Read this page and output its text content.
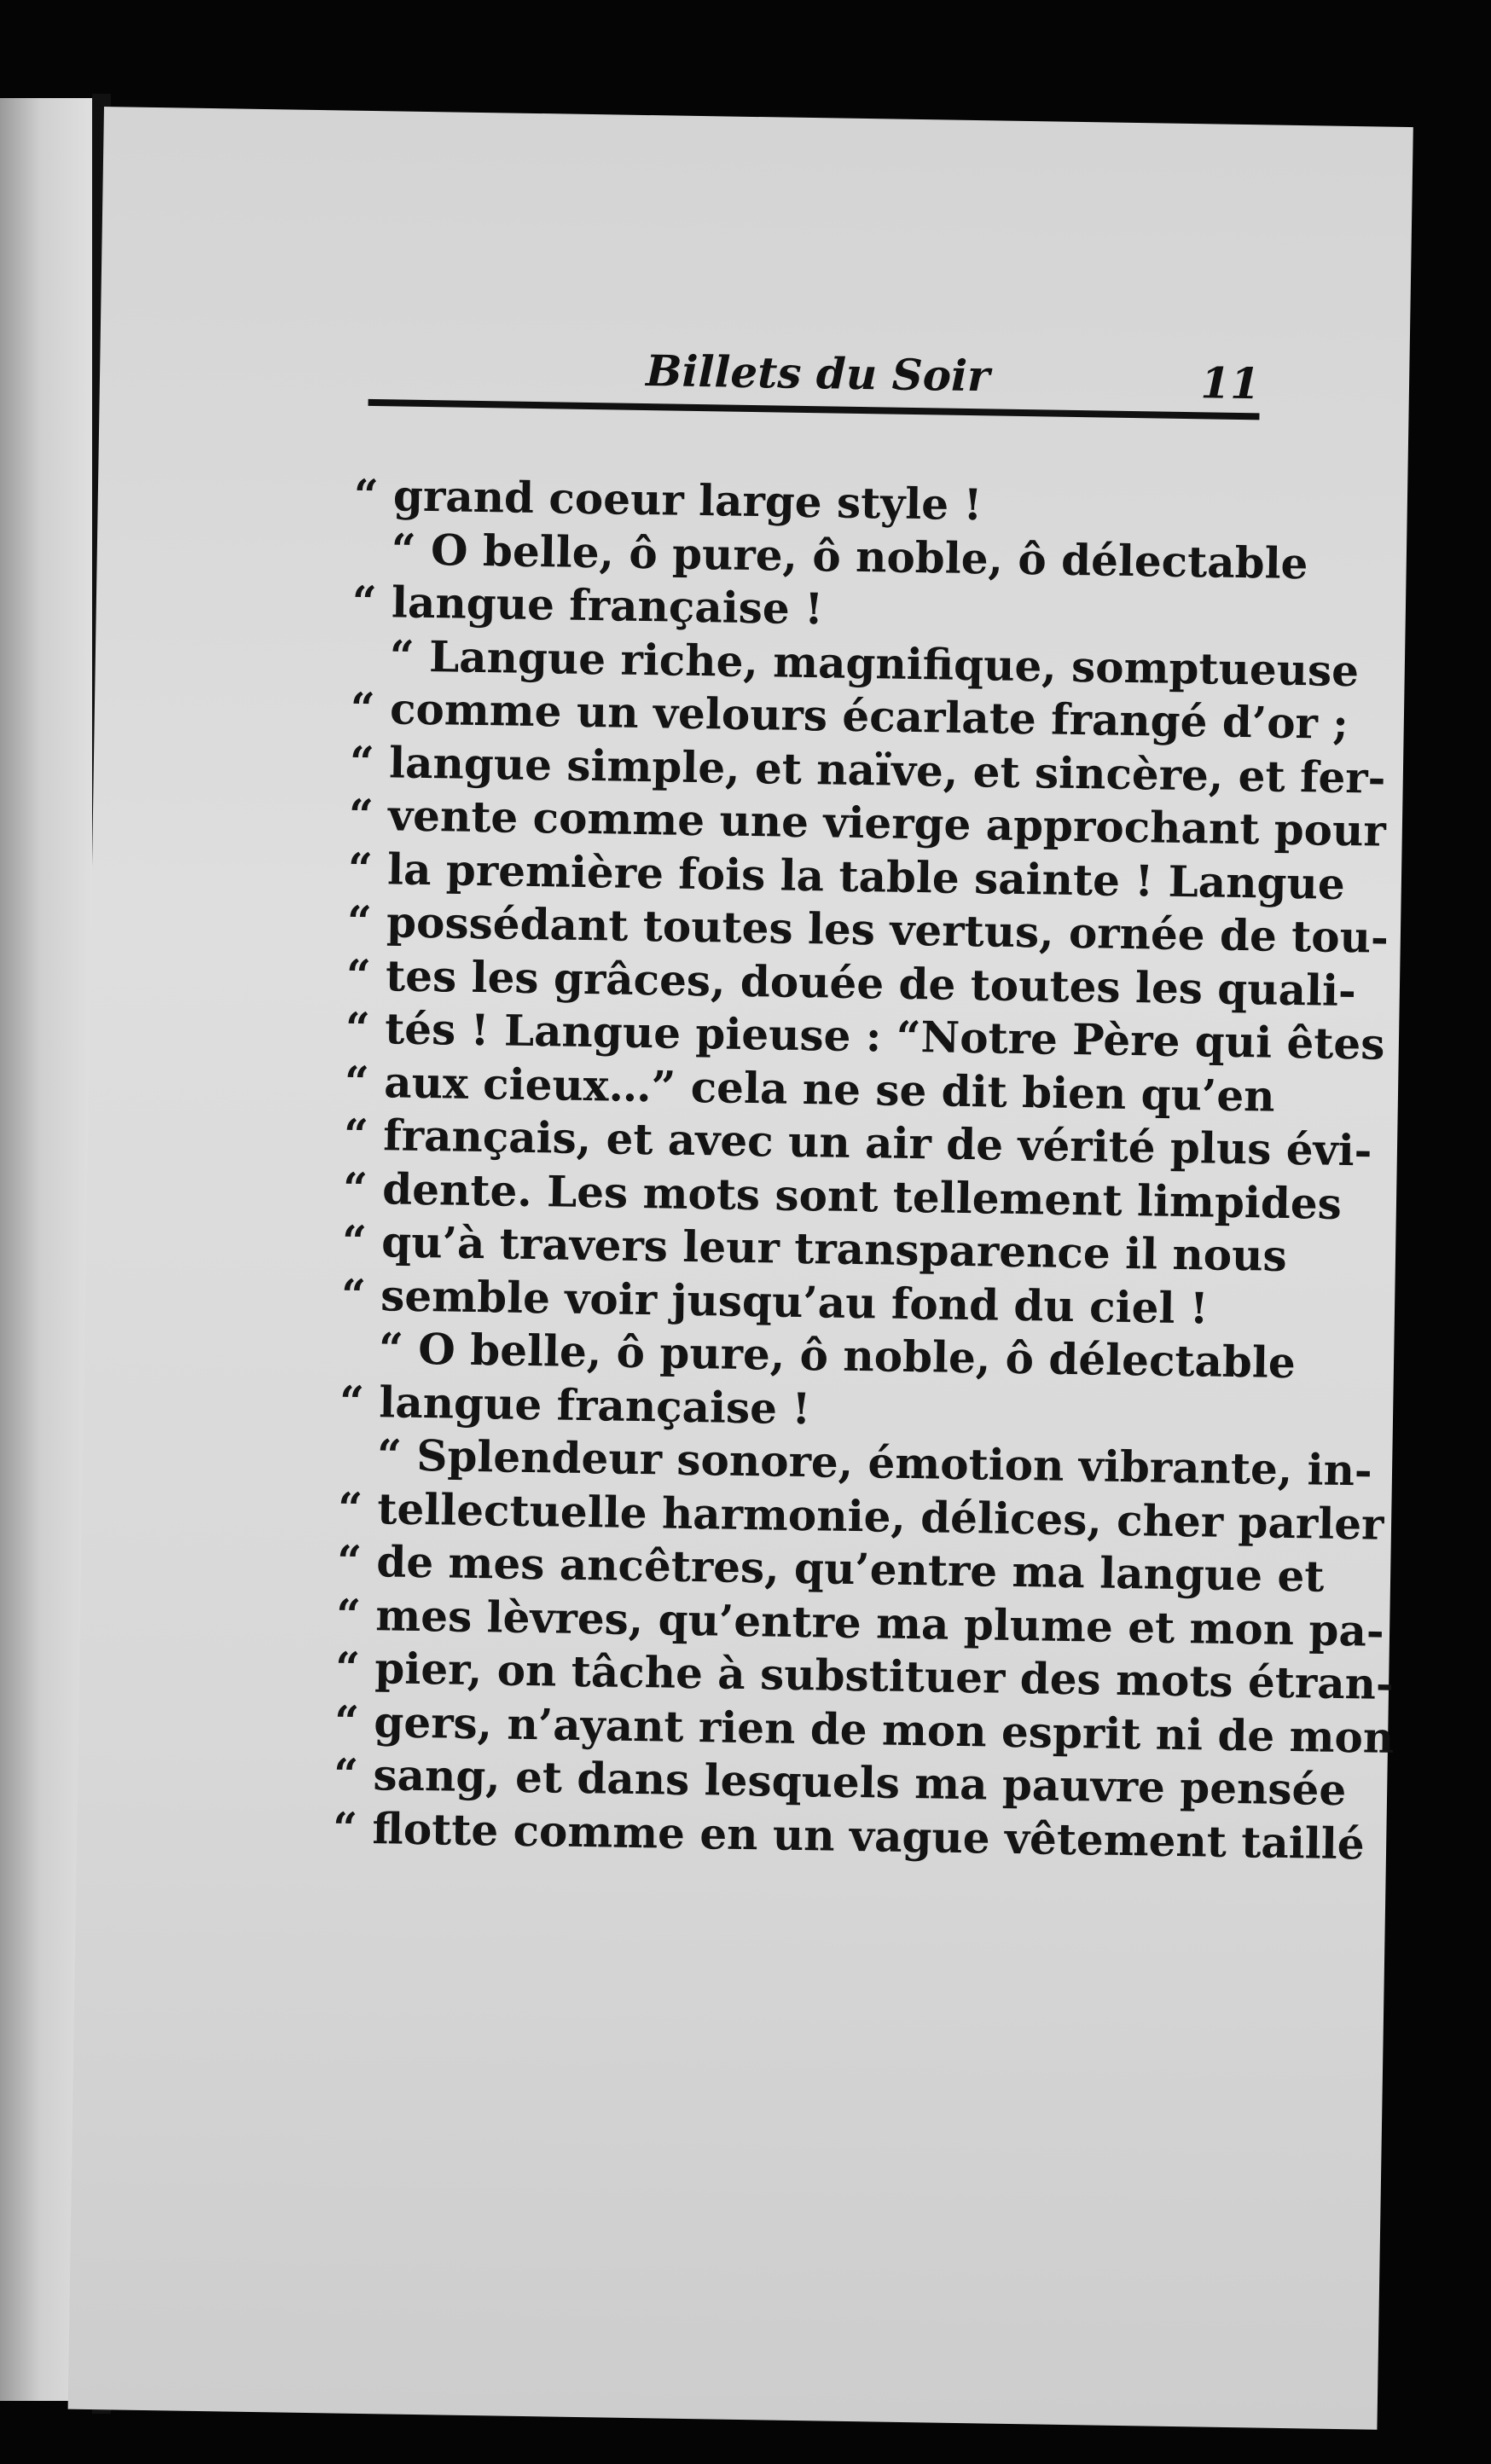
Billets du Soir	11
“ grand coeur large style !
“ O belle, ô pure, ô noble, ô délectable
“ langue française !
“ Langue riche, magnifique, somptueuse
“ comme un velours écarlate frangé d’or ;
“ langue simple, et naïve, et sincère, et fer-
“ vente comme une vierge approchant pour
“ la première fois la table sainte ! Langue
“ possédant toutes les vertus, ornée de tou-
“ tes les grâces, douée de toutes les quali-
“ tés ! Langue pieuse : “Notre Père qui êtes
“ aux cieux…” cela ne se dit bien qu’en
“ français, et avec un air de vérité plus évi-
“ dente. Les mots sont tellement limpides
“ qu’à travers leur transparence il nous
“ semble voir jusqu’au fond du ciel !
“ O belle, ô pure, ô noble, ô délectable
“ langue française !
“ Splendeur sonore, émotion vibrante, in-
“ tellectuelle harmonie, délices, cher parler
“ de mes ancêtres, qu’entre ma langue et
“ mes lèvres, qu’entre ma plume et mon pa-
“ pier, on tâche à substituer des mots étran-
“ gers, n’ayant rien de mon esprit ni de mon
“ sang, et dans lesquels ma pauvre pensée
“ flotte comme en un vague vêtement taillé
